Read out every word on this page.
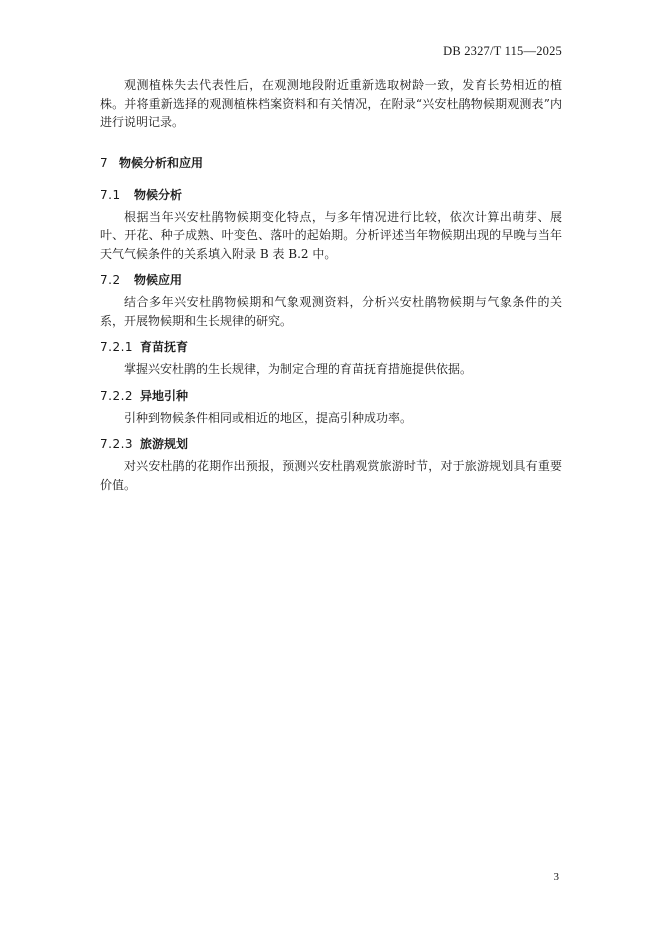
DB 2327/T 115—2025

观测植株失去代表性后，在观测地段附近重新选取树龄一致，发育长势相近的植株。并将重新选择的观测植株档案资料和有关情况，在附录“兴安杜鹃物候期观测表”内进行说明记录。

7 物候分析和应用
7.1	物候分析

根据当年兴安杜鹃物候期变化特点，与多年情况进行比较，依次计算出萌芽、展叶、开花、种子成熟、叶变色、落叶的起始期。分析评述当年物候期出现的早晚与当年天气气候条件的关系填入附录 B 表 B.2 中。

7.2	物候应用

结合多年兴安杜鹃物候期和气象观测资料，分析兴安杜鹃物候期与气象条件的关系，开展物候期和生长规律的研究。

7.2.1 育苗抚育

掌握兴安杜鹃的生长规律，为制定合理的育苗抚育措施提供依据。

7.2.2 异地引种

引种到物候条件相同或相近的地区，提高引种成功率。

7.2.3 旅游规划

对兴安杜鹃的花期作出预报，预测兴安杜鹃观赏旅游时节，对于旅游规划具有重要价值。

3
